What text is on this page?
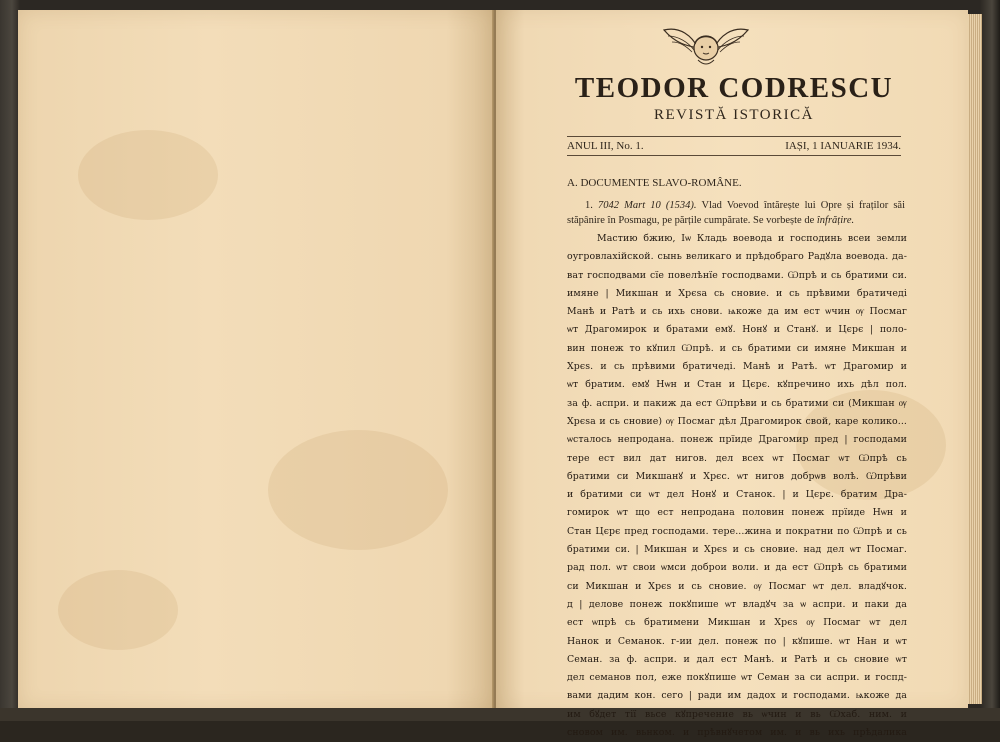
TEODOR CODRESCU
REVISTĂ ISTORICĂ
ANUL III, No. 1.	IAȘI, 1 IANUARIE 1934.
A. DOCUMENTE SLAVO-ROMÂNE.
1. 7042 Mart 10 (1534). Vlad Voevod întărește lui Opre și fraților săi stăpânire în Posmagu, pe părțile cumpărate. Se vorbește de înfrățire.
Мастию бжию, Іѡ Кладь воевода и господинь всеи земли
оугровлахійской. сынь великаго и прѣдобраго Радꙋла воевода. да-
ват господвами сїе повелѣнїе господвами. Ѡпрѣ и сь братими си.
имяне | Микшан и Хрєѕа сь сновие. и сь прѣвими братичеді
Манѣ и Ратѣ и сь ихь снови. ѩкоже да им ест ѡчин ѹ Посмаг
ѡт Драгомирок и братами емꙋ. Нонꙋ и Станꙋ. и Цєрє | поло-
вин понеж то кꙋпил Ѡпрѣ. и сь братими си имяне Микшан и
Хрєѕ. и сь прѣвими братичеді. Манѣ и Ратѣ. ѡт Драгомир и
ѡт братим. емꙋ Нѡн и Стан и Цєрє. кꙋпречино ихь дѣл пол.
за ф. аспри. и пакиж да ест Ѡпрѣви и сь братими си (Микшан ѹ
Хрєѕа и сь сновие) ѹ Посмаг дѣл Драгомирок свой, каре колико...
ѡсталось непродана. понеж прїиде Драгомир пред | господами
тере ест вил дат нигов. дел всех ѡт Посмаг ѡт Ѡпрѣ сь
братими си Микшанꙋ и Хрєс. ѡт нигов добрѡв волѣ. Ѡпрѣви
и братими си ѡт дел Нонꙋ и Станок. | и Цєрє. братим Дра-
гомирок ѡт що ест непродана половин понеж прїиде Нѡн и
Стан Цєрє пред господами. тере...жина и пократни по Ѡпрѣ и сь
братими си. | Микшан и Хрєѕ и сь сновие. над дел ѡт Посмаг.
рад пол. ѡт свои ѡмси доброи воли. и да ест Ѡпрѣ сь братими
си Микшан и Хрєѕ и сь сновие. ѹ Посмаг ѡт дел. владꙋчок.
д | делове понеж покꙋпише ѡт владꙋч за ѡ аспри. и паки да
ест ѡпрѣ сь братимени Микшан и Хрєѕ ѹ Посмаг ѡт дел
Нанок и Семанок. г-ии дел. понеж по | кꙋпише. ѡт Нан и ѡт
Семан. за ф. аспри. и дал ест Манѣ. и Ратѣ и сь сновие ѡт
дел семанов пол, еже покꙋпише ѡт Семан за си аспри. и госпд-
вами дадим кон. сего | ради им дадох и господами. ѩкоже да
им бꙋдет тії вьсе кꙋпречение вь ѡчин и вь Ѡхаб. ним. и
сновом им. вьнком. и прѣвнꙋчетом им. и вь ихь прѣдалика
